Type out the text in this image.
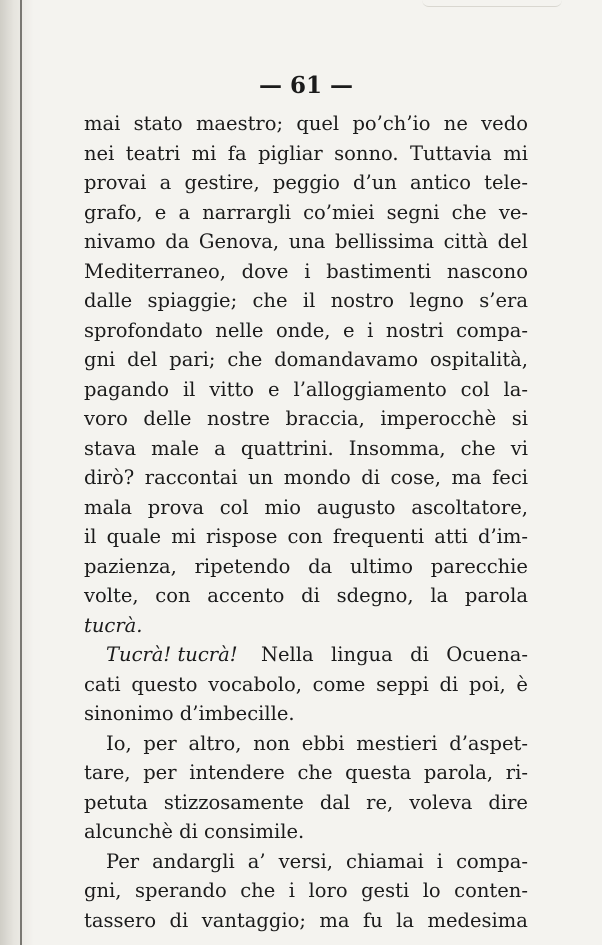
— 61 —
mai stato maestro; quel po’ch’io ne vedo
nei teatri mi fa pigliar sonno. Tuttavia mi
provai a gestire, peggio d’un antico tele-
grafo, e a narrargli co’miei segni che ve-
nivamo da Genova, una bellissima città del
Mediterraneo, dove i bastimenti nascono
dalle spiaggie; che il nostro legno s’era
sprofondato nelle onde, e i nostri compa-
gni del pari; che domandavamo ospitalità,
pagando il vitto e l’alloggiamento col la-
voro delle nostre braccia, imperocchè si
stava male a quattrini. Insomma, che vi
dirò? raccontai un mondo di cose, ma feci
mala prova col mio augusto ascoltatore,
il quale mi rispose con frequenti atti d’im-
pazienza, ripetendo da ultimo parecchie
volte, con accento di sdegno, la parola
tucrà.
Tucrà! tucrà! Nella lingua di Ocuena-
cati questo vocabolo, come seppi di poi, è
sinonimo d’imbecille.
Io, per altro, non ebbi mestieri d’aspet-
tare, per intendere che questa parola, ri-
petuta stizzosamente dal re, voleva dire
alcunchè di consimile.
Per andargli a’ versi, chiamai i compa-
gni, sperando che i loro gesti lo conten-
tassero di vantaggio; ma fu la medesima
